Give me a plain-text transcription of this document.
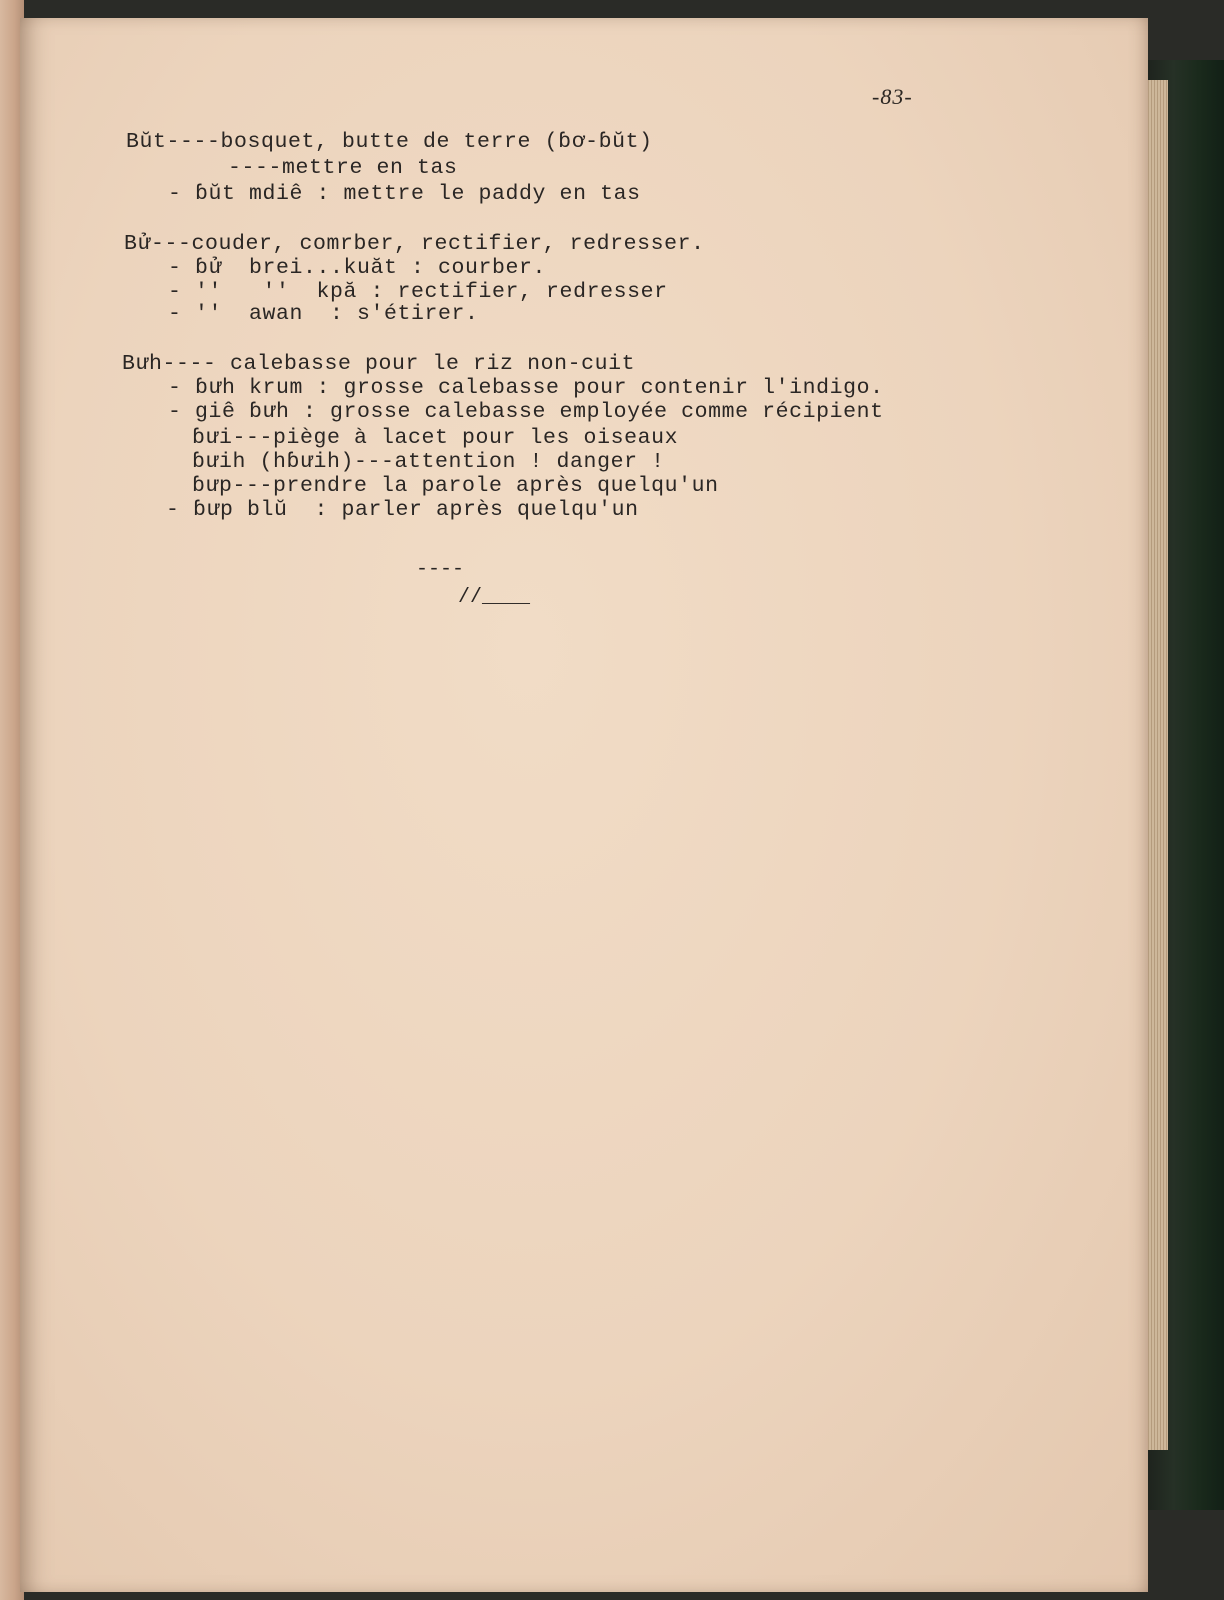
-83-
Bŭt----bosquet, butte de terre (ɓơ-ɓŭt)
----mettre en tas
- ɓŭt mdiê : mettre le paddy en tas
Bử---couder, comrber, rectifier, redresser.
- ɓử  brei...kuăt : courber.
- ''   ''  kpă : rectifier, redresser
- ''  awan  : s'étirer.
Bưh---- calebasse pour le riz non-cuit
- ɓưh krum : grosse calebasse pour contenir l'indigo.
- giê ɓưh : grosse calebasse employée comme récipient
ɓưi---piège à lacet pour les oiseaux
ɓưih (hɓưih)---attention ! danger !
ɓưp---prendre la parole après quelqu'un
- ɓưp blŭ  : parler après quelqu'un
----
//____
